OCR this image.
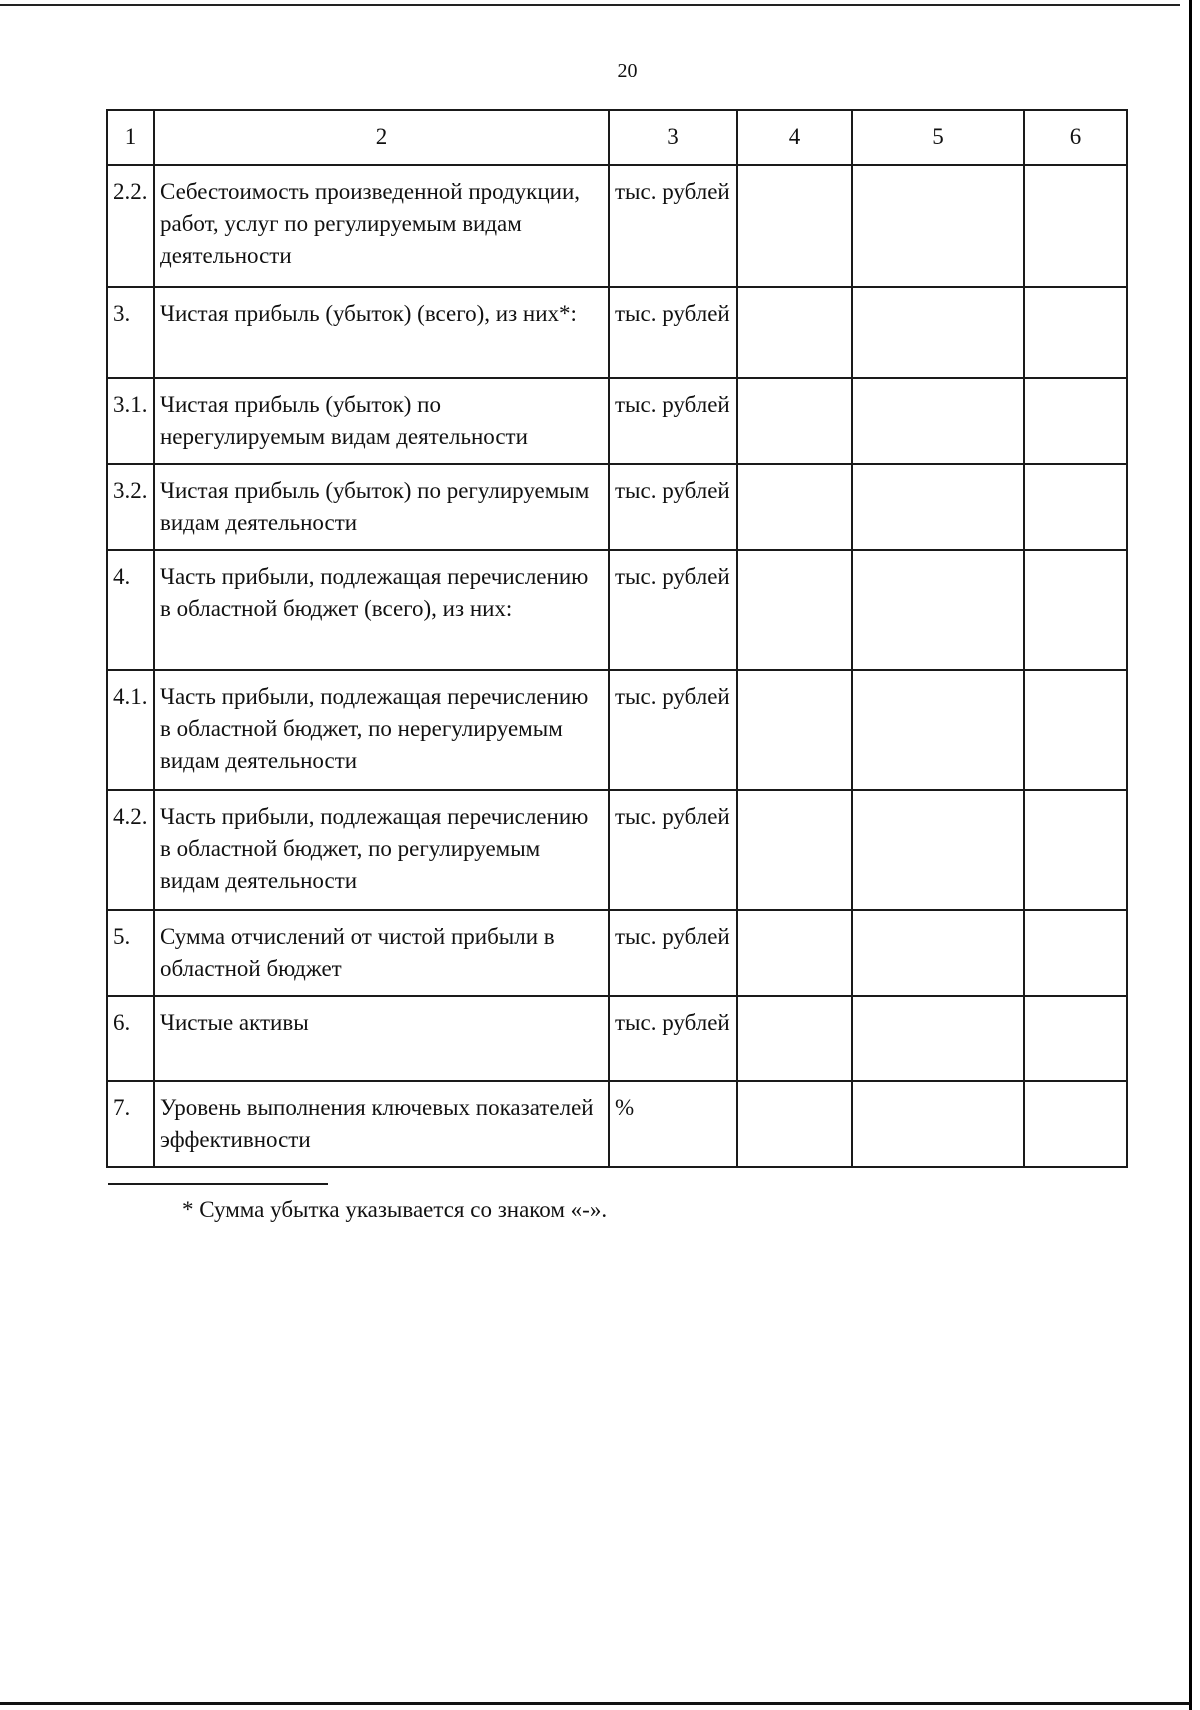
20
1	2	3	4	5	6
2.2.	Себестоимость произведенной продукции, работ, услуг по регулируемым видам деятельности	тыс. рублей			
3.	Чистая прибыль (убыток) (всего), из них*:	тыс. рублей			
3.1.	Чистая прибыль (убыток) по нерегулируемым видам деятельности	тыс. рублей			
3.2.	Чистая прибыль (убыток) по регулируемым видам деятельности	тыс. рублей			
4.	Часть прибыли, подлежащая перечислению в областной бюджет (всего), из них:	тыс. рублей			
4.1.	Часть прибыли, подлежащая перечислению в областной бюджет, по нерегулируемым видам деятельности	тыс. рублей			
4.2.	Часть прибыли, подлежащая перечислению в областной бюджет, по регулируемым видам деятельности	тыс. рублей			
5.	Сумма отчислений от чистой прибыли в областной бюджет	тыс. рублей			
6.	Чистые активы	тыс. рублей			
7.	Уровень выполнения ключевых показателей эффективности	%			
* Сумма убытка указывается со знаком «-».
